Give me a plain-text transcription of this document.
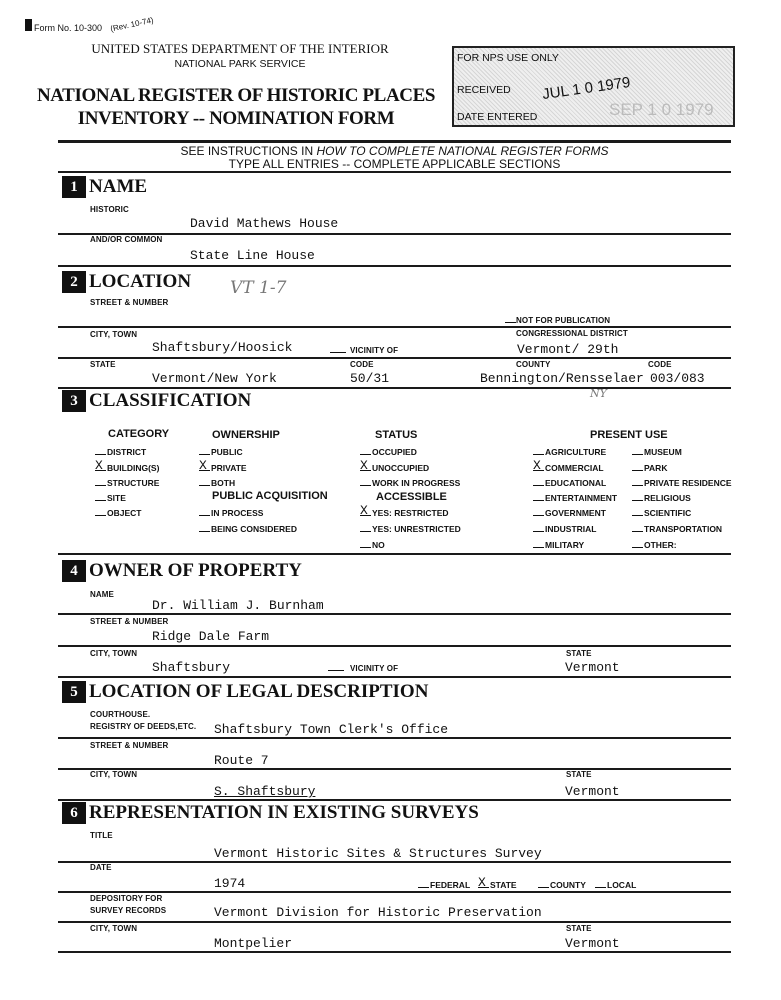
Form No. 10-300 (Rev. 10-74)
UNITED STATES DEPARTMENT OF THE INTERIOR
NATIONAL PARK SERVICE
NATIONAL REGISTER OF HISTORIC PLACES
INVENTORY -- NOMINATION FORM
FOR NPS USE ONLY
RECEIVED JUL 1 0 1979
DATE ENTERED	SEP 1 0 1979
SEE INSTRUCTIONS IN HOW TO COMPLETE NATIONAL REGISTER FORMS
TYPE ALL ENTRIES -- COMPLETE APPLICABLE SECTIONS
1 NAME
HISTORIC
David Mathews House
AND/OR COMMON
State Line House
2 LOCATION VT 1-7
STREET & NUMBER
NOT FOR PUBLICATION
CITY, TOWN	CONGRESSIONAL DISTRICT
Shaftsbury/Hoosick	VICINITY OF	Vermont/ 29th
STATE	CODE	COUNTY	CODE
Vermont/New York	50/31	Bennington/Rensselaer 003/083
NY
3 CLASSIFICATION
CATEGORY	OWNERSHIP	STATUS	PRESENT USE
PUBLIC ACQUISITION	ACCESSIBLE
DISTRICT
X BUILDING(S)
STRUCTURE
SITE
OBJECT
PUBLIC
X PRIVATE
BOTH
IN PROCESS
BEING CONSIDERED
OCCUPIED
X UNOCCUPIED
WORK IN PROGRESS
X YES: RESTRICTED
YES: UNRESTRICTED
NO
AGRICULTURE
X COMMERCIAL
EDUCATIONAL
ENTERTAINMENT
GOVERNMENT
INDUSTRIAL
MILITARY
MUSEUM
PARK
PRIVATE RESIDENCE
RELIGIOUS
SCIENTIFIC
TRANSPORTATION
OTHER:
4 OWNER OF PROPERTY
NAME
Dr. William J. Burnham
STREET & NUMBER
Ridge Dale Farm
CITY, TOWN	STATE
Shaftsbury	VICINITY OF	Vermont
5 LOCATION OF LEGAL DESCRIPTION
COURTHOUSE.
REGISTRY OF DEEDS,ETC. Shaftsbury Town Clerk's Office
STREET & NUMBER
Route 7
CITY, TOWN	STATE
S. Shaftsbury	Vermont
6 REPRESENTATION IN EXISTING SURVEYS
TITLE
Vermont Historic Sites & Structures Survey
DATE
1974	FEDERAL X STATE	COUNTY	LOCAL
DEPOSITORY FOR
SURVEY RECORDS	Vermont Division for Historic Preservation
CITY, TOWN	STATE
Montpelier	Vermont
